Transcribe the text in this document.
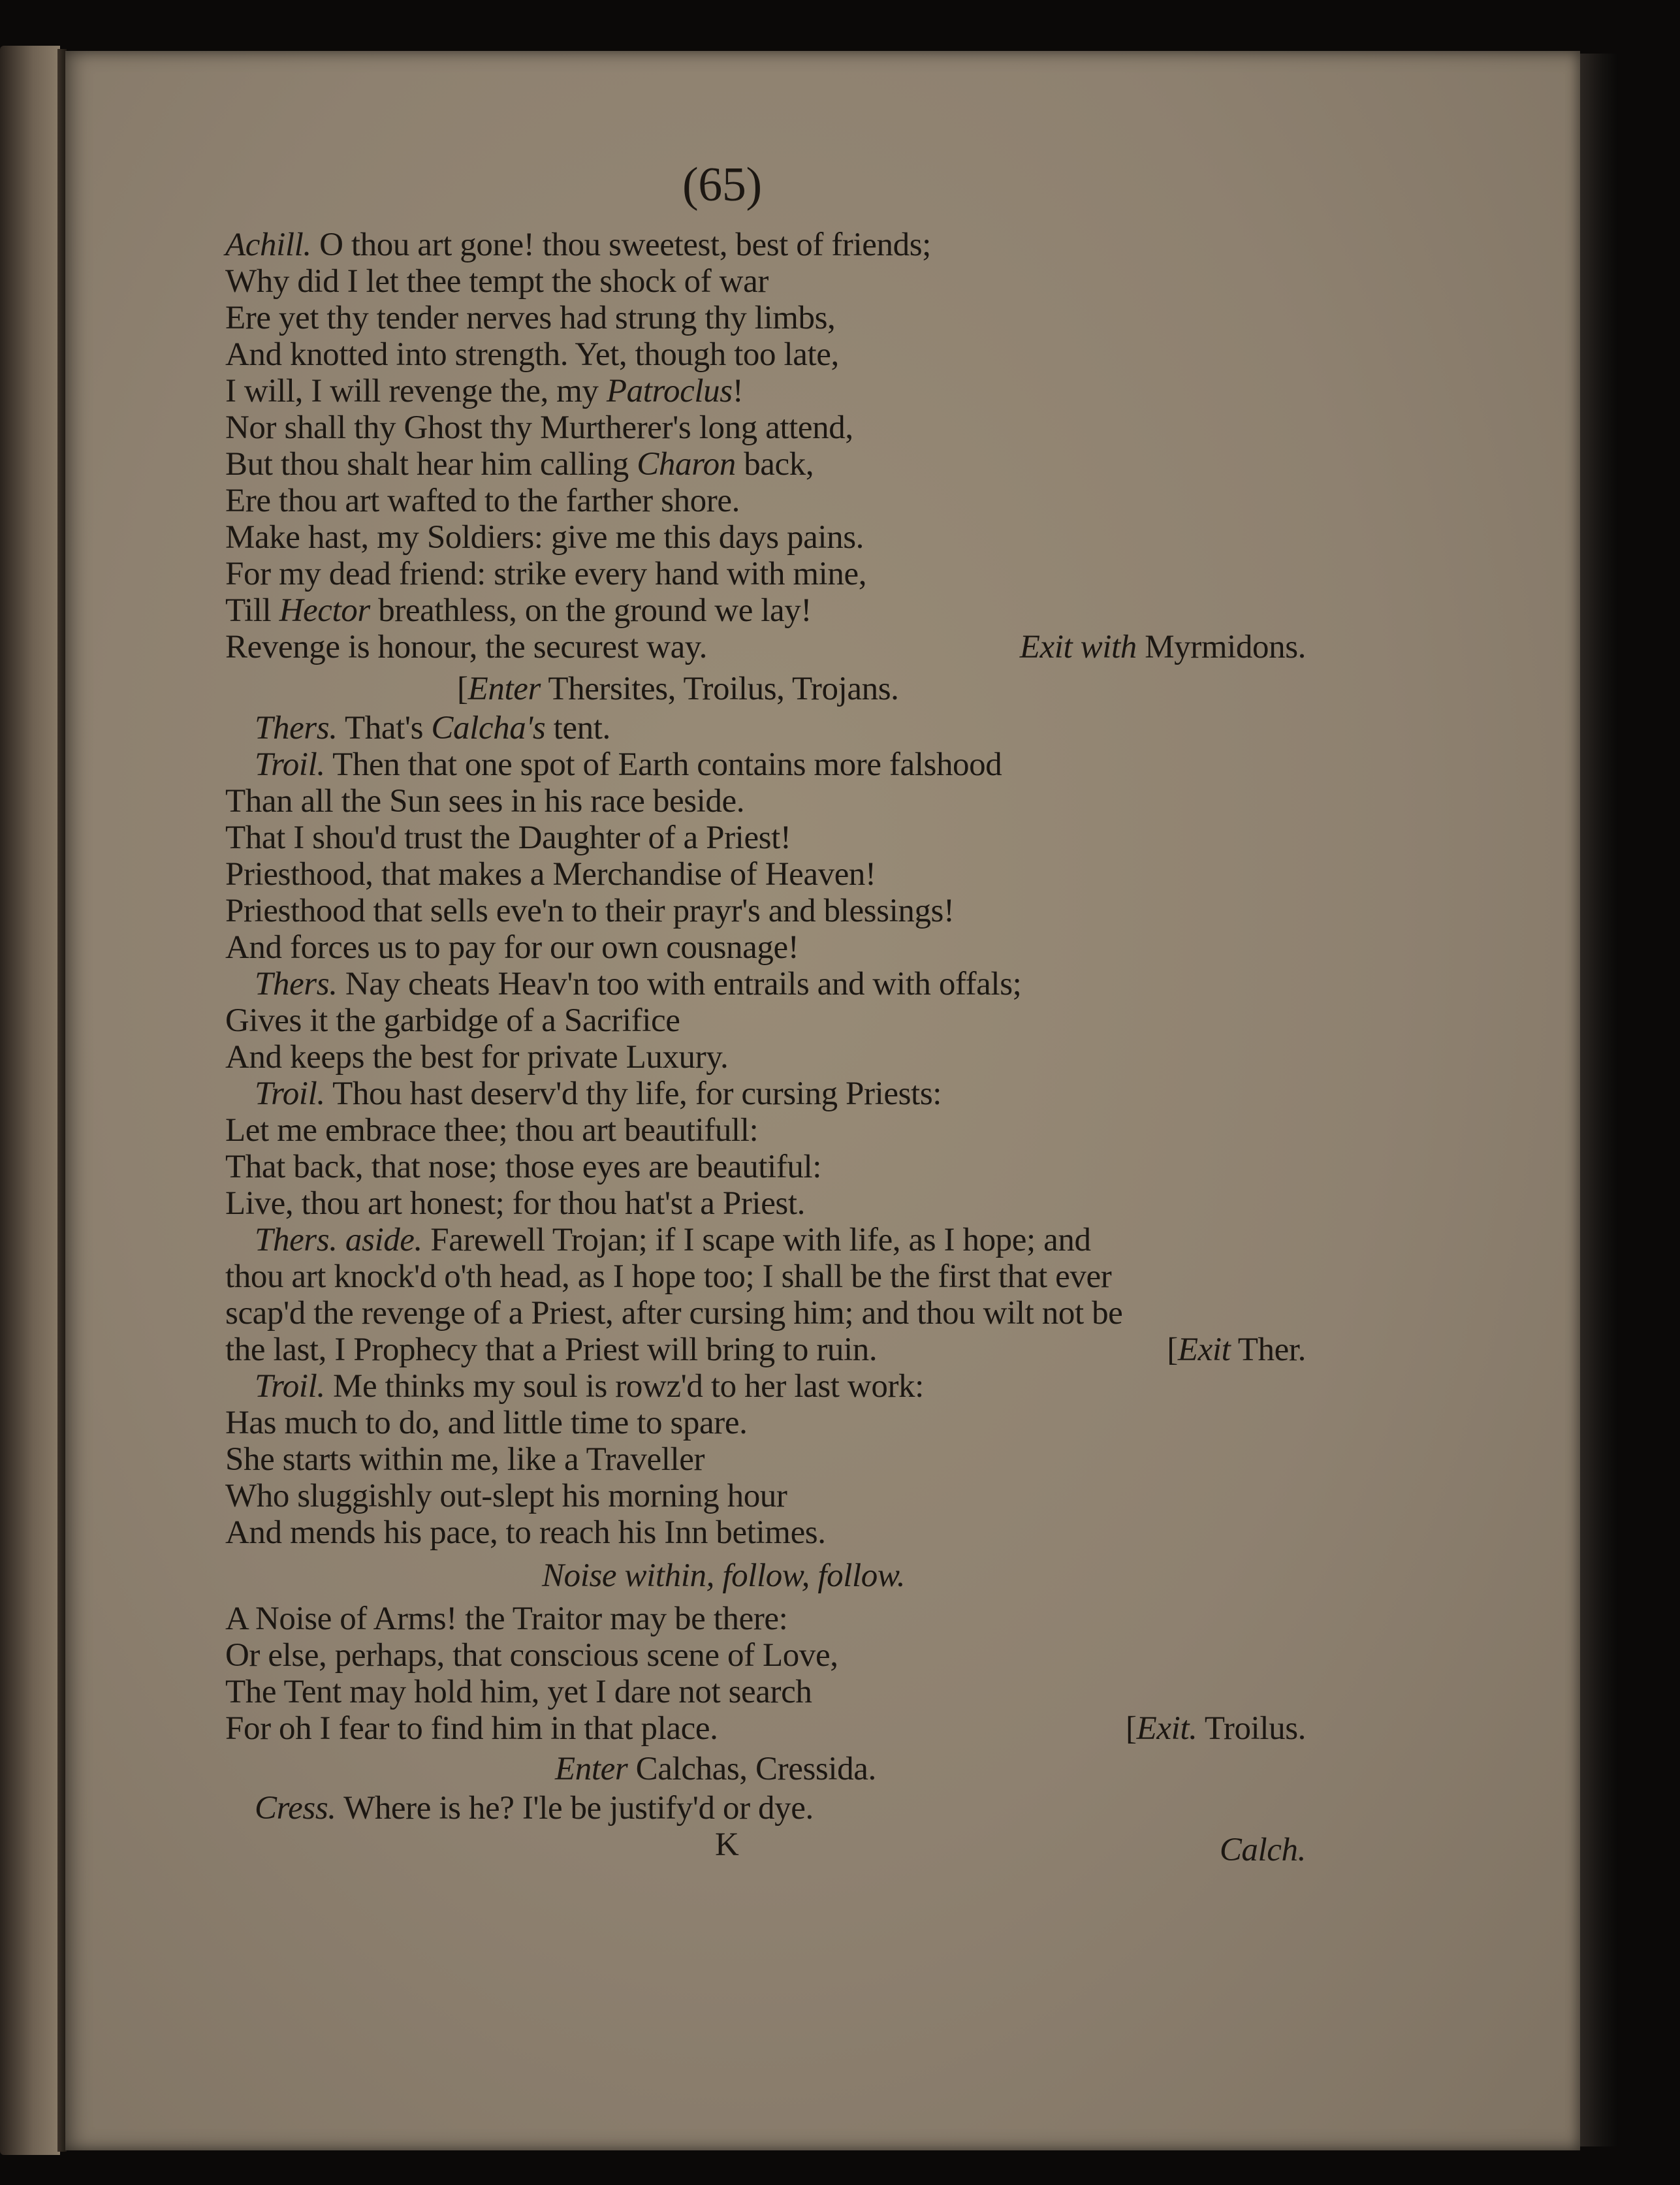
(65)
Achill. O thou art gone! thou sweetest, best of friends;
Why did I let thee tempt the shock of war
Ere yet thy tender nerves had strung thy limbs,
And knotted into strength. Yet, though too late,
I will, I will revenge the, my Patroclus!
Nor shall thy Ghost thy Murtherer's long attend,
But thou shalt hear him calling Charon back,
Ere thou art wafted to the farther shore.
Make hast, my Soldiers: give me this days pains.
For my dead friend: strike every hand with mine,
Till Hector breathless, on the ground we lay!
Revenge is honour, the securest way.	Exit with Myrmidons.
[Enter Thersites, Troilus, Trojans.
Thers. That's Calcha's tent.
Troil. Then that one spot of Earth contains more falshood
Than all the Sun sees in his race beside.
That I shou'd trust the Daughter of a Priest!
Priesthood, that makes a Merchandise of Heaven!
Priesthood that sells eve'n to their prayr's and blessings!
And forces us to pay for our own cousnage!
Thers. Nay cheats Heav'n too with entrails and with offals;
Gives it the garbidge of a Sacrifice
And keeps the best for private Luxury.
Troil. Thou hast deserv'd thy life, for cursing Priests:
Let me embrace thee; thou art beautifull:
That back, that nose; those eyes are beautiful:
Live, thou art honest; for thou hat'st a Priest.
Thers. aside. Farewell Trojan; if I scape with life, as I hope; and
thou art knock'd o'th head, as I hope too; I shall be the first that ever
scap'd the revenge of a Priest, after cursing him; and thou wilt not be
the last, I Prophecy that a Priest will bring to ruin.	[Exit Ther.
Troil. Me thinks my soul is rowz'd to her last work:
Has much to do, and little time to spare.
She starts within me, like a Traveller
Who sluggishly out-slept his morning hour
And mends his pace, to reach his Inn betimes.
Noise within, follow, follow.
A Noise of Arms! the Traitor may be there:
Or else, perhaps, that conscious scene of Love,
The Tent may hold him, yet I dare not search
For oh I fear to find him in that place.	[Exit. Troilus.
Enter Calchas, Cressida.
Cress. Where is he? I'le be justify'd or dye.
K	Calch.
